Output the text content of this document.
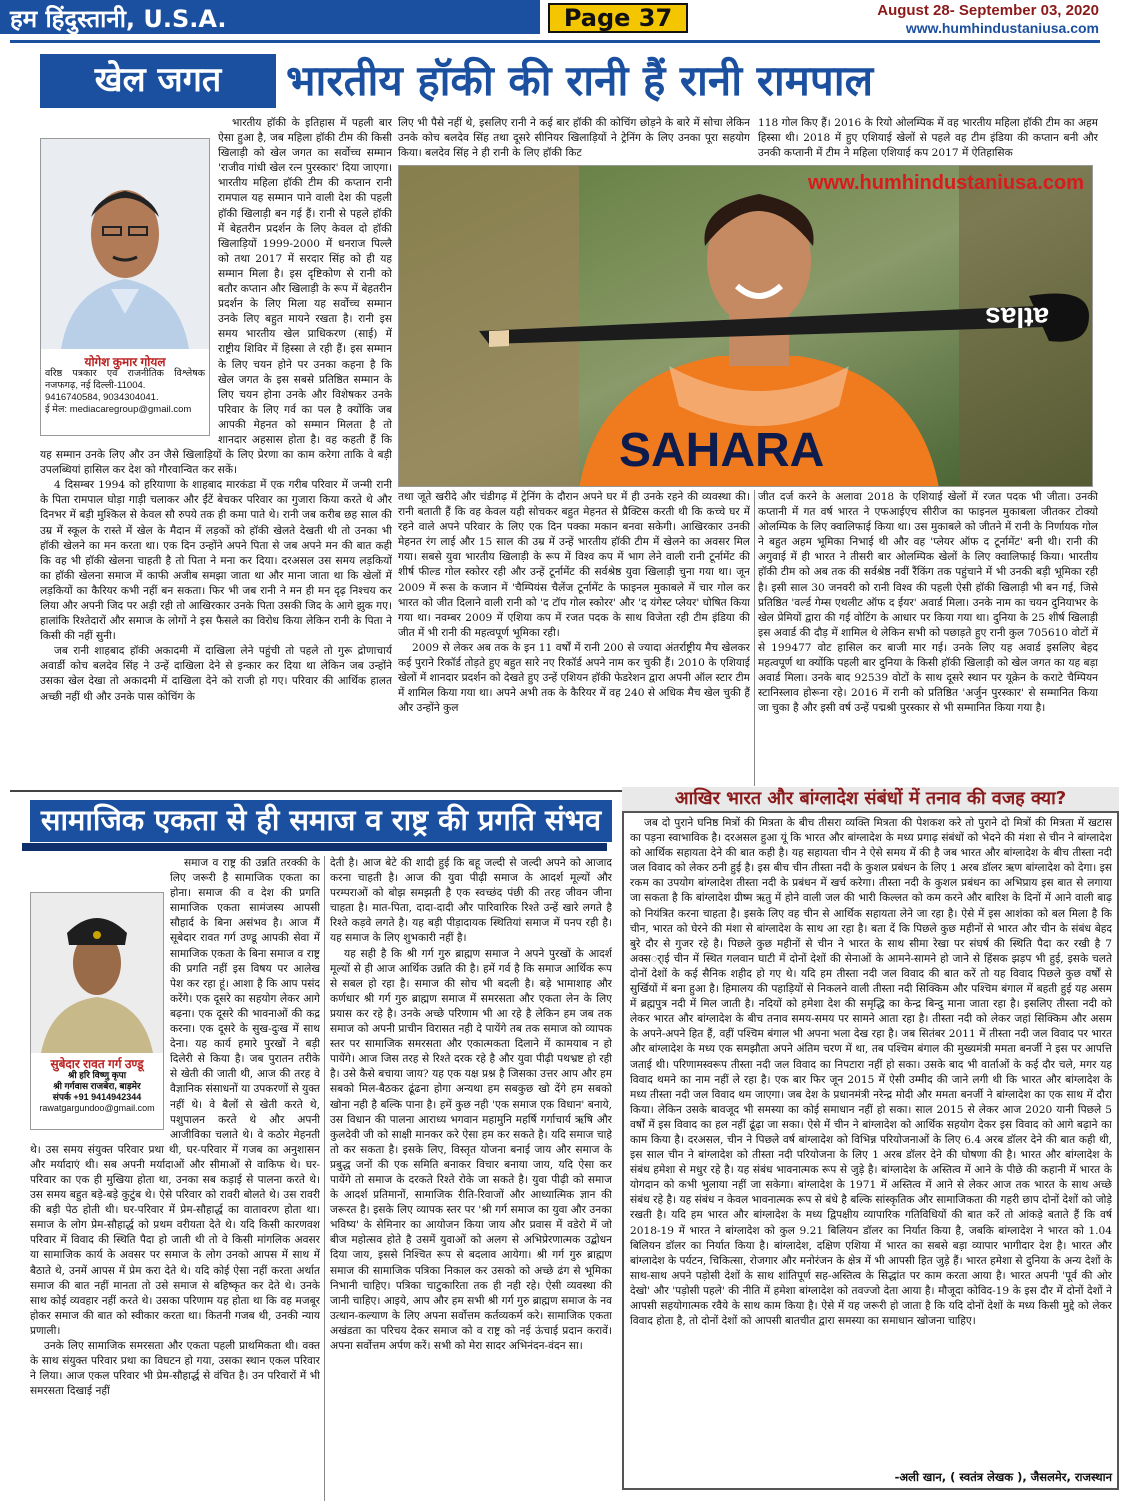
हम हिंदुस्तानी, U.S.A.	Page 37	August 28- September 03, 2020
www.humhindustaniusa.com
खेल जगत	भारतीय हॉकी की रानी हैं रानी रामपाल
योगेश कुमार गोयल
वरिष्ठ पत्रकार एवं राजनीतिक विश्लेषक नजफगढ़, नई दिल्ली-11004.
9416740584, 9034304041.
ई मेल: mediacaregroup@gmail.com

भारतीय हॉकी के इतिहास में पहली बार ऐसा हुआ है, जब महिला हॉकी टीम की किसी खिलाड़ी को खेल जगत का सर्वोच्च सम्मान 'राजीव गांधी खेल रत्न पुरस्कार' दिया जाएगा। भारतीय महिला हॉकी टीम की कप्तान रानी रामपाल यह सम्मान पाने वाली देश की पहली हॉकी खिलाड़ी बन गई हैं। रानी से पहले हॉकी में बेहतरीन प्रदर्शन के लिए केवल दो हॉकी खिलाड़ियों 1999-2000 में धनराज पिल्लै को तथा 2017 में सरदार सिंह को ही यह सम्मान मिला है। इस दृष्टिकोण से रानी को बतौर कप्तान और खिलाड़ी के रूप में बेहतरीन प्रदर्शन के लिए मिला यह सर्वोच्च सम्मान उनके लिए बहुत मायने रखता है। रानी इस समय भारतीय खेल प्राधिकरण (साई) में राष्ट्रीय शिविर में हिस्सा ले रही हैं। इस सम्मान के लिए चयन होने पर उनका कहना है कि खेल जगत के इस सबसे प्रतिष्ठित सम्मान के लिए चयन होना उनके और विशेषकर उनके परिवार के लिए गर्व का पल है क्योंकि जब आपकी मेहनत को सम्मान मिलता है तो शानदार अहसास होता है। वह कहती हैं कि यह सम्मान उनके लिए और उन जैसे खिलाड़ियों के लिए प्रेरणा का काम करेगा ताकि वे बड़ी उपलब्धियां हासिल कर देश को गौरवान्वित कर सकें।

4 दिसम्बर 1994 को हरियाणा के शाहबाद मारकंडा में एक गरीब परिवार में जन्मी रानी के पिता रामपाल घोड़ा गाड़ी चलाकर और ईंटें बेचकर परिवार का गुजारा किया करते थे और दिनभर में बड़ी मुश्किल से केवल सौ रुपये तक ही कमा पाते थे। रानी जब करीब छह साल की उम्र में स्कूल के रास्ते में खेल के मैदान में लड़कों को हॉकी खेलते देखती थी तो उनका भी हॉकी खेलने का मन करता था। एक दिन उन्होंने अपने पिता से जब अपने मन की बात कही कि वह भी हॉकी खेलना चाहती है तो पिता ने मना कर दिया। दरअसल उस समय लड़कियों का हॉकी खेलना समाज में काफी अजीब समझा जाता था और माना जाता था कि खेलों में लड़कियों का कैरियर कभी नहीं बन सकता। फिर भी जब रानी ने मन ही मन दृढ़ निश्चय कर लिया और अपनी जिद पर अड़ी रही तो आखिरकार उनके पिता उसकी जिद के आगे झुक गए। हालांकि रिश्तेदारों और समाज के लोगों ने इस फैसले का विरोध किया लेकिन रानी के पिता ने किसी की नहीं सुनी।

जब रानी शाहबाद हॉकी अकादमी में दाखिला लेने पहुंची तो पहले तो गुरू द्रोणाचार्य अवार्डी कोच बलदेव सिंह ने उन्हें दाखिला देने से इन्कार कर दिया था लेकिन जब उन्होंने उसका खेल देखा तो अकादमी में दाखिला देने को राजी हो गए। परिवार की आर्थिक हालत अच्छी नहीं थी और उनके पास कोचिंग के

लिए भी पैसे नहीं थे, इसलिए रानी ने कई बार हॉकी की कोचिंग छोड़ने के बारे में सोचा लेकिन उनके कोच बलदेव सिंह तथा दूसरे सीनियर खिलाड़ियों ने ट्रेनिंग के लिए उनका पूरा सहयोग किया। बलदेव सिंह ने ही रानी के लिए हॉकी किट

118 गोल किए हैं। 2016 के रियो ओलम्पिक में वह भारतीय महिला हॉकी टीम का अहम हिस्सा थी। 2018 में हुए एशियाई खेलों से पहले वह टीम इंडिया की कप्तान बनी और उनकी कप्तानी में टीम ने महिला एशियाई कप 2017 में ऐतिहासिक

SAHARA
atlas
www.humhindustaniusa.com

तथा जूते खरीदे और चंडीगढ़ में ट्रेनिंग के दौरान अपने घर में ही उनके रहने की व्यवस्था की। रानी बताती हैं कि वह केवल यही सोचकर बहुत मेहनत से प्रैक्टिस करती थी कि कच्चे घर में रहने वाले अपने परिवार के लिए एक दिन पक्का मकान बनवा सकेगी। आखिरकार उनकी मेहनत रंग लाई और 15 साल की उम्र में उन्हें भारतीय हॉकी टीम में खेलने का अवसर मिल गया। सबसे युवा भारतीय खिलाड़ी के रूप में विश्व कप में भाग लेने वाली रानी टूर्नामेंट की शीर्ष फील्ड गोल स्कोरर रही और उन्हें टूर्नामेंट की सर्वश्रेष्ठ युवा खिलाड़ी चुना गया था। जून 2009 में रूस के कजान में 'चैम्पियंस चैलेंज टूर्नामेंट के फाइनल मुकाबले में चार गोल कर भारत को जीत दिलाने वाली रानी को 'द टॉप गोल स्कोरर' और 'द यंगेस्ट प्लेयर' घोषित किया गया था। नवम्बर 2009 में एशिया कप में रजत पदक के साथ विजेता रही टीम इंडिया की जीत में भी रानी की महत्वपूर्ण भूमिका रही।

2009 से लेकर अब तक के इन 11 वर्षों में रानी 200 से ज्यादा अंतर्राष्ट्रीय मैच खेलकर कई पुराने रिकॉर्ड तोड़ते हुए बहुत सारे नए रिकॉर्ड अपने नाम कर चुकी हैं। 2010 के एशियाई खेलों में शानदार प्रदर्शन को देखते हुए उन्हें एशियन हॉकी फेडरेशन द्वारा अपनी ऑल स्टार टीम में शामिल किया गया था। अपने अभी तक के कैरियर में वह 240 से अधिक मैच खेल चुकी हैं और उन्होंने कुल

जीत दर्ज करने के अलावा 2018 के एशियाई खेलों में रजत पदक भी जीता। उनकी कप्तानी में गत वर्ष भारत ने एफआईएच सीरीज का फाइनल मुकाबला जीतकर टोक्यो ओलम्पिक के लिए क्वालिफाई किया था। उस मुकाबले को जीतने में रानी के निर्णायक गोल ने बहुत अहम भूमिका निभाई थी और वह 'प्लेयर ऑफ द टूर्नामेंट' बनी थी। रानी की अगुवाई में ही भारत ने तीसरी बार ओलम्पिक खेलों के लिए क्वालिफाई किया। भारतीय हॉकी टीम को अब तक की सर्वश्रेष्ठ नवीं रैंकिंग तक पहुंचाने में भी उनकी बड़ी भूमिका रही है। इसी साल 30 जनवरी को रानी विश्व की पहली ऐसी हॉकी खिलाड़ी भी बन गई, जिसे प्रतिष्ठित 'वर्ल्ड गेम्स एथलीट ऑफ द ईयर' अवार्ड मिला। उनके नाम का चयन दुनियाभर के खेल प्रेमियों द्वारा की गई वोटिंग के आधार पर किया गया था। दुनिया के 25 शीर्ष खिलाड़ी इस अवार्ड की दौड़ में शामिल थे लेकिन सभी को पछाड़ते हुए रानी कुल 705610 वोटों में से 199477 वोट हासिल कर बाजी मार गई। उनके लिए यह अवार्ड इसलिए बेहद महत्वपूर्ण था क्योंकि पहली बार दुनिया के किसी हॉकी खिलाड़ी को खेल जगत का यह बड़ा अवार्ड मिला। उनके बाद 92539 वोटों के साथ दूसरे स्थान पर यूक्रेन के कराटे चैम्पियन स्टानिस्लाव होरूना रहे। 2016 में रानी को प्रतिष्ठित 'अर्जुन पुरस्कार' से सम्मानित किया जा चुका है और इसी वर्ष उन्हें पद्मश्री पुरस्कार से भी सम्मानित किया गया है।

सामाजिक एकता से ही समाज व राष्ट्र की प्रगति संभव
सुबेदार रावत गर्ग उण्डू
श्री हरि विष्णु कृपा
श्री गर्गवास राजबेरा, बाड़मेर
संपर्क +91 9414942344
rawatgargundoo@gmail.com

समाज व राष्ट्र की उन्नति तरक्की के लिए जरूरी है सामाजिक एकता का होना। समाज की व देश की प्रगति सामाजिक एकता सामंजस्य आपसी सौहार्द के बिना असंभव है। आज मैं सूबेदार रावत गर्ग उण्डू आपकी सेवा में सामाजिक एकता के बिना समाज व राष्ट्र की प्रगति नहीं इस विषय पर आलेख पेश कर रहा हूं। आशा है कि आप पसंद करेंगे। एक दूसरे का सहयोग लेकर आगे बढ़ना। एक दूसरे की भावनाओं की कद्र करना। एक दूसरे के सुख-दुःख में साथ देना। यह कार्य हमारे पुरखों ने बड़ी दिलेरी से किया है। जब पुरातन तरीके से खेती की जाती थी, आज की तरह वे वैज्ञानिक संसाधनों या उपकरणों से युक्त नहीं थे। वे बैलों से खेती करते थे, पशुपालन करते थे और अपनी आजीविका चलाते थे। वे कठोर मेहनती थे। उस समय संयुक्त परिवार प्रथा थी, घर-परिवार में गजब का अनुशासन और मर्यादाएं थी। सब अपनी मर्यादाओं और सीमाओं से वाकिफ थे। घर-परिवार का एक ही मुखिया होता था, उनका सब कड़ाई से पालना करते थे। उस समय बहुत बड़े-बड़े कुटुंब थे। ऐसे परिवार को रावरी बोलते थे। उस रावरी की बड़ी पेठ होती थी। घर-परिवार में प्रेम-सौहार्द्ध का वातावरण होता था। समाज के लोग प्रेम-सौहार्द्ध को प्रथम वरीयता देते थे। यदि किसी कारणवश परिवार में विवाद की स्थिति पैदा हो जाती थी तो वे किसी मांगलिक अवसर या सामाजिक कार्य के अवसर पर समाज के लोग उनको आपस में साथ में बैठाते थे, उनमें आपस में प्रेम करा देते थे। यदि कोई ऐसा नहीं करता अर्थात समाज की बात नहीं मानता तो उसे समाज से बहिष्कृत कर देते थे। उनके साथ कोई व्यवहार नहीं करते थे। उसका परिणाम यह होता था कि वह मजबूर होकर समाज की बात को स्वीकार करता था। कितनी गजब थी, उनकी न्याय प्रणाली।

उनके लिए सामाजिक समरसता और एकता पहली प्राथमिकता थी। वक्त के साथ संयुक्त परिवार प्रथा का विघटन हो गया, उसका स्थान एकल परिवार ने लिया। आज एकल परिवार भी प्रेम-सौहार्द्ध से वंचित है। उन परिवारों में भी समरसता दिखाई नहीं

देती है। आज बेटे की शादी हुई कि बहू जल्दी से जल्दी अपने को आजाद करना चाहती है। आज की युवा पीढ़ी समाज के आदर्श मूल्यों और परम्पराओं को बोझ समझती है एक स्वच्छंद पंछी की तरह जीवन जीना चाहता है। मात-पिता, दादा-दादी और पारिवारिक रिश्ते उन्हें खारे लगते है रिश्ते कड़वे लगते है। यह बड़ी पीड़ादायक स्थितियां समाज में पनप रही है। यह समाज के लिए शुभकारी नहीं है।

यह सही है कि श्री गर्ग गुरु ब्राह्मण समाज ने अपने पुरखों के आदर्श मूल्यों से ही आज आर्थिक उन्नति की है। हमें गर्व है कि समाज आर्थिक रूप से सबल हो रहा है। समाज की सोच भी बदली है। बड़े भामाशाह और कर्णधार श्री गर्ग गुरु ब्राह्मण समाज में समरसता और एकता लेन के लिए प्रयास कर रहे है। उनके अच्छे परिणाम भी आ रहे है लेकिन हम जब तक समाज को अपनी प्राचीन विरासत नही दे पायेंगे तब तक समाज को व्यापक स्तर पर सामाजिक समरसता और एकात्मकता दिलाने में कामयाब न हो पायेंगे। आज जिस तरह से रिश्ते दरक रहे है और युवा पीढ़ी पथभ्रष्ट हो रही है। उसे कैसे बचाया जाय? यह एक यक्ष प्रश्न है जिसका उत्तर आप और हम सबको मिल-बैठकर ढूंढना होगा अन्यथा हम सबकुछ खो देंगे हम सबको खोना नही है बल्कि पाना है। हमें कुछ नही 'एक समाज एक विधान' बनाये, उस विधान की पालना आराध्य भगवान महामुनि महर्षि गर्गाचार्य ऋषि और कुलदेवी जी को साक्षी मानकर करे ऐसा हम कर सकते है। यदि समाज चाहे तो कर सकता है। इसके लिए, विस्तृत योजना बनाई जाय और समाज के प्रबुद्ध जनों की एक समिति बनाकर विचार बनाया जाय, यदि ऐसा कर पायेंगे तो समाज के दरकते रिश्ते रोके जा सकते है। युवा पीढ़ी को समाज के आदर्श प्रतिमानों, सामाजिक रीति-रिवाजों और आध्यात्मिक ज्ञान की जरूरत है। इसके लिए व्यापक स्तर पर 'श्री गर्ग समाज का युवा और उनका भविष्य' के सेमिनार का आयोजन किया जाय और प्रवास में वडेरो में जो बीज महोत्सव होते है उसमें युवाओं को अलग से अभिप्रेरणात्मक उद्बोधन दिया जाय, इससे निश्चित रूप से बदलाव आयेगा। श्री गर्ग गुरु ब्राह्मण समाज की सामाजिक पत्रिका निकाल कर उसको को अच्छे ढंग से भूमिका निभानी चाहिए। पत्रिका चाटुकारिता तक ही नही रहे। ऐसी व्यवस्था की जानी चाहिए। आइये, आप और हम सभी श्री गर्ग गुरु ब्राह्मण समाज के नव उत्थान-कल्याण के लिए अपना सर्वोत्तम कर्तव्यकर्म करे। सामाजिक एकता अखंडता का परिचय देकर समाज को व राष्ट्र को नई ऊंचाई प्रदान करावें। अपना सर्वोत्तम अर्पण करें। सभी को मेरा सादर अभिनंदन-वंदन सा।

आखिर भारत और बांग्लादेश संबंधों में तनाव की वजह क्या?

जब दो पुराने घनिष्ठ मित्रों की मित्रता के बीच तीसरा व्यक्ति मित्रता की पेशकश करे तो पुराने दो मित्रों की मित्रता में खटास का पड़ना स्वाभाविक है। दरअसल हुआ यूं कि भारत और बांग्लादेश के मध्य प्रगाढ़ संबंधों को भेदने की मंशा से चीन ने बांग्लादेश को आर्थिक सहायता देने की बात कही है। यह सहायता चीन ने ऐसे समय में की है जब भारत और बांग्लादेश के बीच तीस्ता नदी जल विवाद को लेकर ठनी हुई है। इस बीच चीन तीस्ता नदी के कुशल प्रबंधन के लिए 1 अरब डॉलर ऋण बांग्लादेश को देगा। इस रकम का उपयोग बांग्लादेश तीस्ता नदी के प्रबंधन में खर्च करेगा। तीस्ता नदी के कुशल प्रबंधन का अभिप्राय इस बात से लगाया जा सकता है कि बांग्लादेश ग्रीष्म ऋतु में होने वाली जल की भारी किल्लत को कम करने और बारिश के दिनों में आने वाली बाढ़ को नियंत्रित करना चाहता है। इसके लिए वह चीन से आर्थिक सहायता लेने जा रहा है। ऐसे में इस आशंका को बल मिला है कि चीन, भारत को घेरने की मंशा से बांग्लादेश के साथ आ रहा है। बता दें कि पिछले कुछ महीनों से भारत और चीन के संबंध बेहद बुरे दौर से गुजर रहे है। पिछले कुछ महीनों से चीन ने भारत के साथ सीमा रेखा पर संघर्ष की स्थिति पैदा कर रखी है 7 अक्सर्ाई चीन में स्थित गलवान घाटी में दोनों देशों की सेनाओं के आमने-सामने हो जाने से हिंसक झड़प भी हुई, इसके चलते दोनों देशों के कई सैनिक शहीद हो गए थे। यदि हम तीस्ता नदी जल विवाद की बात करें तो यह विवाद पिछले कुछ वर्षों से सुर्खियों में बना हुआ है। हिमालय की पहाड़ियों से निकलने वाली तीस्ता नदी सिक्किम और पश्चिम बंगाल में बहती हुई यह असम में ब्रह्मपुत्र नदी में मिल जाती है। नदियों को हमेशा देश की समृद्धि का केन्द्र बिन्दु माना जाता रहा है। इसलिए तीस्ता नदी को लेकर भारत और बांग्लादेश के बीच तनाव समय-समय पर सामने आता रहा है। तीस्ता नदी को लेकर जहां सिक्किम और असम के अपने-अपने हित हैं, वहीं पश्चिम बंगाल भी अपना भला देख रहा है। जब सितंबर 2011 में तीस्ता नदी जल विवाद पर भारत और बांग्लादेश के मध्य एक समझौता अपने अंतिम चरण में था, तब पश्चिम बंगाल की मुख्यमंत्री ममता बनर्जी ने इस पर आपत्ति जताई थी। परिणामस्वरूप तीस्ता नदी जल विवाद का निपटारा नहीं हो सका। उसके बाद भी वार्ताओं के कई दौर चले, मगर यह विवाद थमने का नाम नहीं ले रहा है। एक बार फिर जून 2015 में ऐसी उम्मीद की जाने लगी थी कि भारत और बांग्लादेश के मध्य तीस्ता नदी जल विवाद थम जाएगा। जब देश के प्रधानमंत्री नरेन्द्र मोदी और ममता बनर्जी ने बांग्लादेश का एक साथ में दौरा किया। लेकिन उसके बावजूद भी समस्या का कोई समाधान नहीं हो सका। साल 2015 से लेकर आज 2020 यानी पिछले 5 वर्षों में इस विवाद का हल नहीं ढूंढ़ा जा सका। ऐसे में चीन ने बांग्लादेश को आर्थिक सहयोग देकर इस विवाद को आगे बढ़ाने का काम किया है। दरअसल, चीन ने पिछले वर्ष बांग्लादेश को विभिन्न परियोजनाओं के लिए 6.4 अरब डॉलर देने की बात कही थी, इस साल चीन ने बांग्लादेश को तीस्ता नदी परियोजना के लिए 1 अरब डॉलर देने की घोषणा की है। भारत और बांग्लादेश के संबंध हमेशा से मधुर रहे है। यह संबंध भावनात्मक रूप से जुड़े है। बांग्लादेश के अस्तित्व में आने के पीछे की कहानी में भारत के योगदान को कभी भुलाया नहीं जा सकेगा। बांग्लादेश के 1971 में अस्तित्व में आने से लेकर आज तक भारत के साथ अच्छे संबंध रहे है। यह संबंध न केवल भावनात्मक रूप से बंधे है बल्कि सांस्कृतिक और सामाजिकता की गहरी छाप दोनों देशों को जोड़े रखती है। यदि हम भारत और बांग्लादेश के मध्य द्विपक्षीय व्यापारिक गतिविधियों की बात करें तो आंकड़े बताते हैं कि वर्ष 2018-19 में भारत ने बांग्लादेश को कुल 9.21 बिलियन डॉलर का निर्यात किया है, जबकि बांग्लादेश ने भारत को 1.04 बिलियन डॉलर का निर्यात किया है। बांग्लादेश, दक्षिण एशिया में भारत का सबसे बड़ा व्यापार भागीदार देश है। भारत और बांग्लादेश के पर्यटन, चिकित्सा, रोजगार और मनोरंजन के क्षेत्र में भी आपसी हित जुड़े हैं। भारत हमेशा से दुनिया के अन्य देशों के साथ-साथ अपने पड़ोसी देशों के साथ शांतिपूर्ण सह-अस्तित्व के सिद्धांत पर काम करता आया है। भारत अपनी 'पूर्व की ओर देखो' और 'पड़ोसी पहले' की नीति में हमेशा बांग्लादेश को तवज्जो देता आया है। मौजूदा कोविद-19 के इस दौर में दोनों देशों ने आपसी सहयोगात्मक रवैये के साथ काम किया है। ऐसे में यह जरूरी हो जाता है कि यदि दोनों देशों के मध्य किसी मुद्दे को लेकर विवाद होता है, तो दोनों देशों को आपसी बातचीत द्वारा समस्या का समाधान खोजना चाहिए।

-अली खान, ( स्वतंत्र लेखक ), जैसलमेर, राजस्थान
